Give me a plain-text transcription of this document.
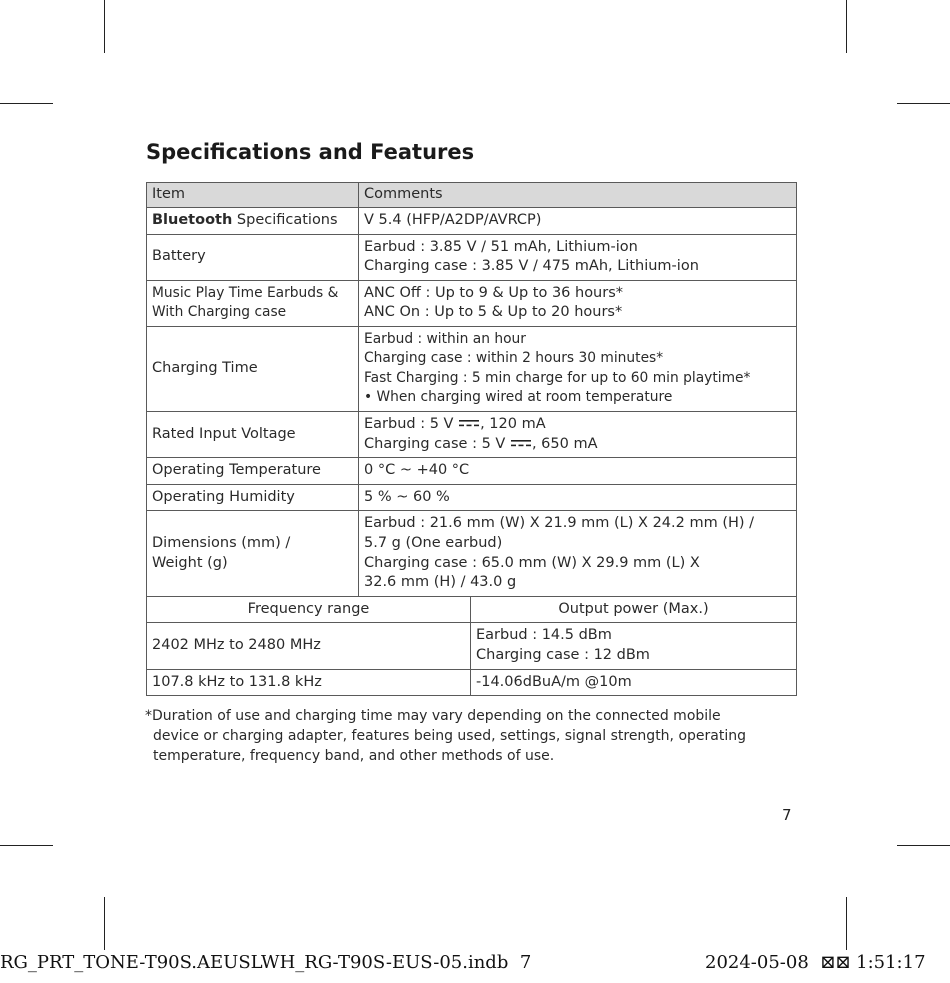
Specifications and Features
Item	Comments	
Bluetooth Specifications	V 5.4 (HFP/A2DP/AVRCP)	

Battery	Earbud : 3.85 V / 51 mAh, Lithium-ion
Charging case : 3.85 V / 475 mAh, Lithium-ion	

Music Play Time Earbuds &
With Charging case	ANC Off : Up to 9 & Up to 36 hours*
ANC On : Up to 5 & Up to 20 hours*	

Charging Time	Earbud : within an hour
Charging case : within 2 hours 30 minutes*
Fast Charging : 5 min charge for up to 60 min playtime*
• When charging wired at room temperature	

Rated Input Voltage	Earbud : 5 V , 120 mA
Charging case : 5 V , 650 mA	

Operating Temperature	0 °C ~ +40 °C	

Operating Humidity	5 % ~ 60 %	

Dimensions (mm) /
Weight (g)	Earbud : 21.6 mm (W) X 21.9 mm (L) X 24.2 mm (H) /
5.7 g (One earbud)
Charging case : 65.0 mm (W) X 29.9 mm (L) X
32.6 mm (H) / 43.0 g	

Frequency range		Output power (Max.)
2402 MHz to 2480 MHz		Earbud : 14.5 dBm
Charging case : 12 dBm

107.8 kHz to 131.8 kHz		-14.06dBuA/m @10m
*Duration of use and charging time may vary depending on the connected mobile
device or charging adapter, features being used, settings, signal strength, operating
temperature, frequency band, and other methods of use.
7
RG_PRT_TONE-T90S.AEUSLWH_RG-T90S-EUS-05.indb 7	2024-05-08 ⊠⊠ 1:51:17
